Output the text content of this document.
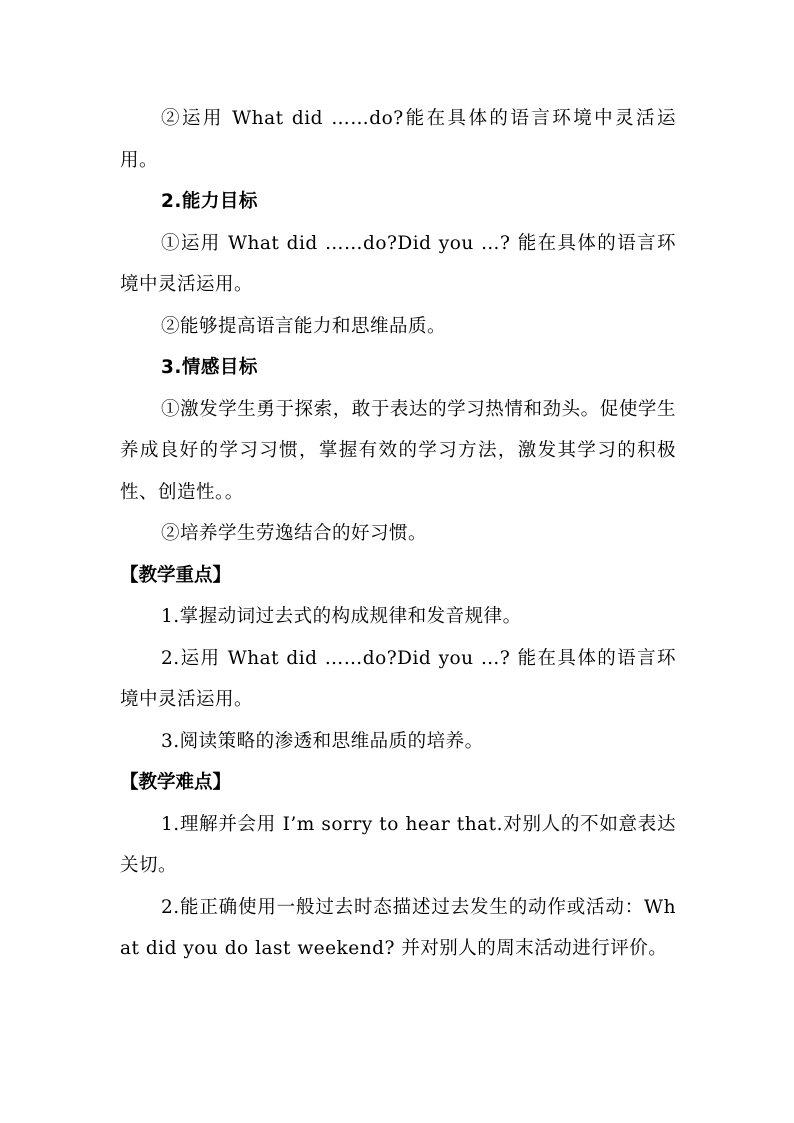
②运用 What did ……do?能在具体的语言环境中灵活运用。

2.能力目标

①运用 What did ……do?Did you …? 能在具体的语言环境中灵活运用。

②能够提高语言能力和思维品质。

3.情感目标

①激发学生勇于探索，敢于表达的学习热情和劲头。促使学生养成良好的学习习惯，掌握有效的学习方法，激发其学习的积极性、创造性。。

②培养学生劳逸结合的好习惯。

【教学重点】

1.掌握动词过去式的构成规律和发音规律。

2.运用 What did ……do?Did you …? 能在具体的语言环境中灵活运用。

3.阅读策略的渗透和思维品质的培养。

【教学难点】

1.理解并会用 I’m sorry to hear that.对别人的不如意表达关切。

2.能正确使用一般过去时态描述过去发生的动作或活动：What did you do last weekend? 并对别人的周末活动进行评价。
